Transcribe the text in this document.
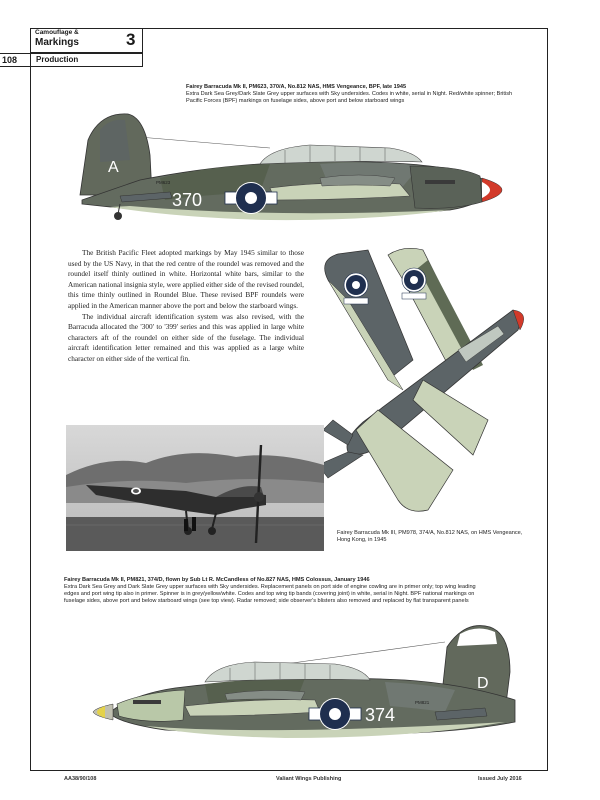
Camouflage &
Markings	3
108 Production
Fairey Barracuda Mk II, PM623, 370/A, No.812 NAS, HMS Vengeance, BPF, late 1945
Extra Dark Sea Grey/Dark Slate Grey upper surfaces with Sky undersides. Codes in white, serial in Night. Red/white spinner; British Pacific Forces (BPF) markings on fuselage sides, above port and below starboard wings
370
A
PM623

The British Pacific Fleet adopted markings by May 1945 similar to those used by the US Navy, in that the red centre of the roundel was removed and the roundel itself thinly outlined in white. Horizontal white bars, similar to the American national insignia style, were applied either side of the revised roundel, this time thinly outlined in Roundel Blue. These revised BPF roundels were applied in the American manner above the port and below the starboard wings.

The individual aircraft identification system was also revised, with the Barracuda allocated the '300' to '399' series and this was applied in large white characters aft of the roundel on either side of the fuselage. The individual aircraft identification letter remained and this was applied as a large white character on either side of the vertical fin.

Fairey Barracuda Mk III, PM978, 374/A, No.812 NAS, on HMS Vengeance, Hong Kong, in 1945
Fairey Barracuda Mk II, PM821, 374/D, flown by Sub Lt R. McCandless of No.827 NAS, HMS Colossus, January 1946
Extra Dark Sea Grey and Dark Slate Grey upper surfaces with Sky undersides. Replacement panels on port side of engine cowling are in primer only; top wing leading edges and port wing tip also in primer. Spinner is in grey/yellow/white. Codes and top wing tip bands (covering joint) in white, serial in Night. BPF national markings on fuselage sides, above port and below starboard wings (see top view). Radar removed; side observer's blisters also removed and replaced by flat transparent panels
374
D
PM821
AA38/90/108	Valiant Wings Publishing	Issued July 2016
